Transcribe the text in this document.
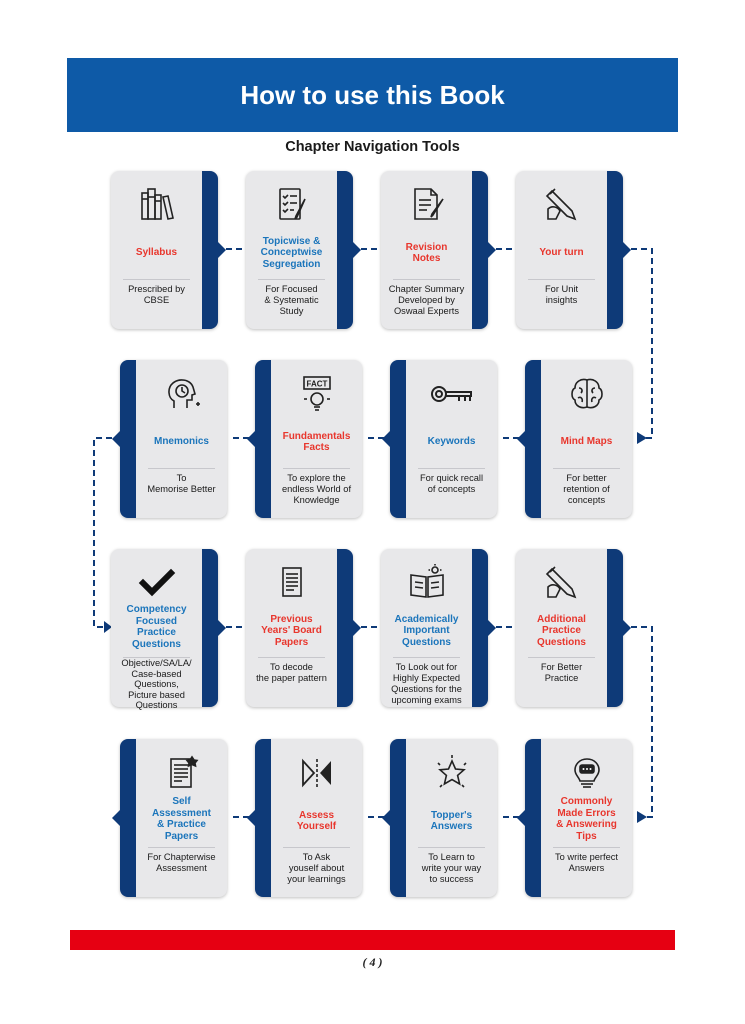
How to use this Book
Chapter Navigation Tools
Syllabus
Prescribed by
CBSE
Topicwise &
Conceptwise
Segregation
For Focused
& Systematic
Study
Revision
Notes
Chapter Summary
Developed by
Oswaal Experts
Your turn
For Unit
insights
Mnemonics
To
Memorise Better
FACT
Fundamentals
Facts
To explore the
endless World of
Knowledge
Keywords
For quick recall
of concepts
Mind Maps
For better
retention of
concepts
Competency
Focused
Practice
Questions
Objective/SA/LA/
Case-based
Questions,
Picture based
Questions
Previous
Years' Board
Papers
To decode
the paper pattern
Academically
Important
Questions
To Look out for
Highly Expected
Questions for the
upcoming exams
Additional
Practice
Questions
For Better
Practice
Self
Assessment
& Practice
Papers
For Chapterwise
Assessment
Assess
Yourself
To Ask
youself about
your learnings
Topper's
Answers
To Learn to
write your way
to success
Commonly
Made Errors
& Answering
Tips
To write perfect
Answers
( 4 )
